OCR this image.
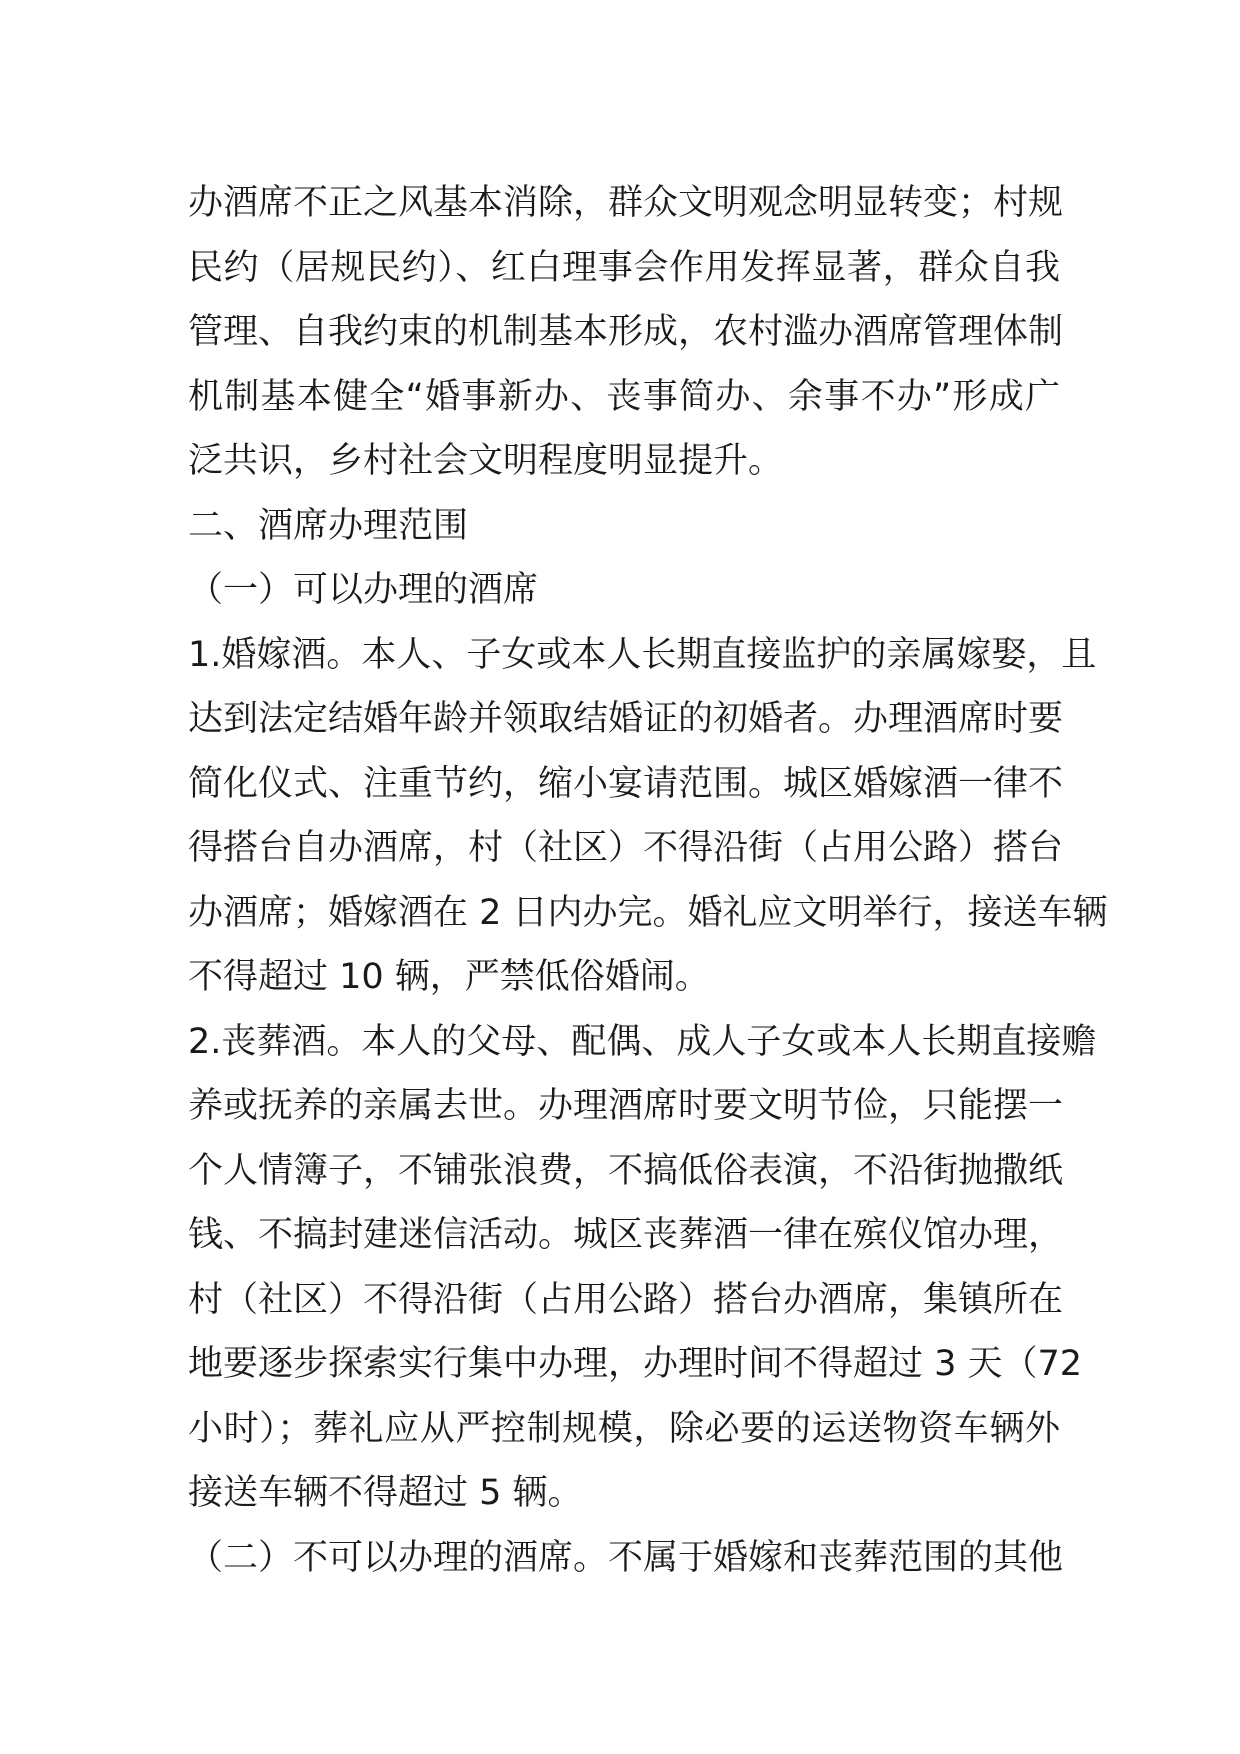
办酒席不正之风基本消除，群众文明观念明显转变；村规
民约（居规民约）、红白理事会作用发挥显著，群众自我
管理、自我约束的机制基本形成，农村滥办酒席管理体制
机制基本健全“婚事新办、丧事简办、余事不办”形成广
泛共识，乡村社会文明程度明显提升。
二、酒席办理范围
（一）可以办理的酒席
1.婚嫁酒。本人、子女或本人长期直接监护的亲属嫁娶，且
达到法定结婚年龄并领取结婚证的初婚者。办理酒席时要
简化仪式、注重节约，缩小宴请范围。城区婚嫁酒一律不
得搭台自办酒席，村（社区）不得沿街（占用公路）搭台
办酒席；婚嫁酒在 2 日内办完。婚礼应文明举行，接送车辆
不得超过 10 辆，严禁低俗婚闹。
2.丧葬酒。本人的父母、配偶、成人子女或本人长期直接赡
养或抚养的亲属去世。办理酒席时要文明节俭，只能摆一
个人情簿子，不铺张浪费，不搞低俗表演，不沿街抛撒纸
钱、不搞封建迷信活动。城区丧葬酒一律在殡仪馆办理，
村（社区）不得沿街（占用公路）搭台办酒席，集镇所在
地要逐步探索实行集中办理，办理时间不得超过 3 天（72
小时）；葬礼应从严控制规模，除必要的运送物资车辆外
接送车辆不得超过 5 辆。
（二）不可以办理的酒席。不属于婚嫁和丧葬范围的其他
